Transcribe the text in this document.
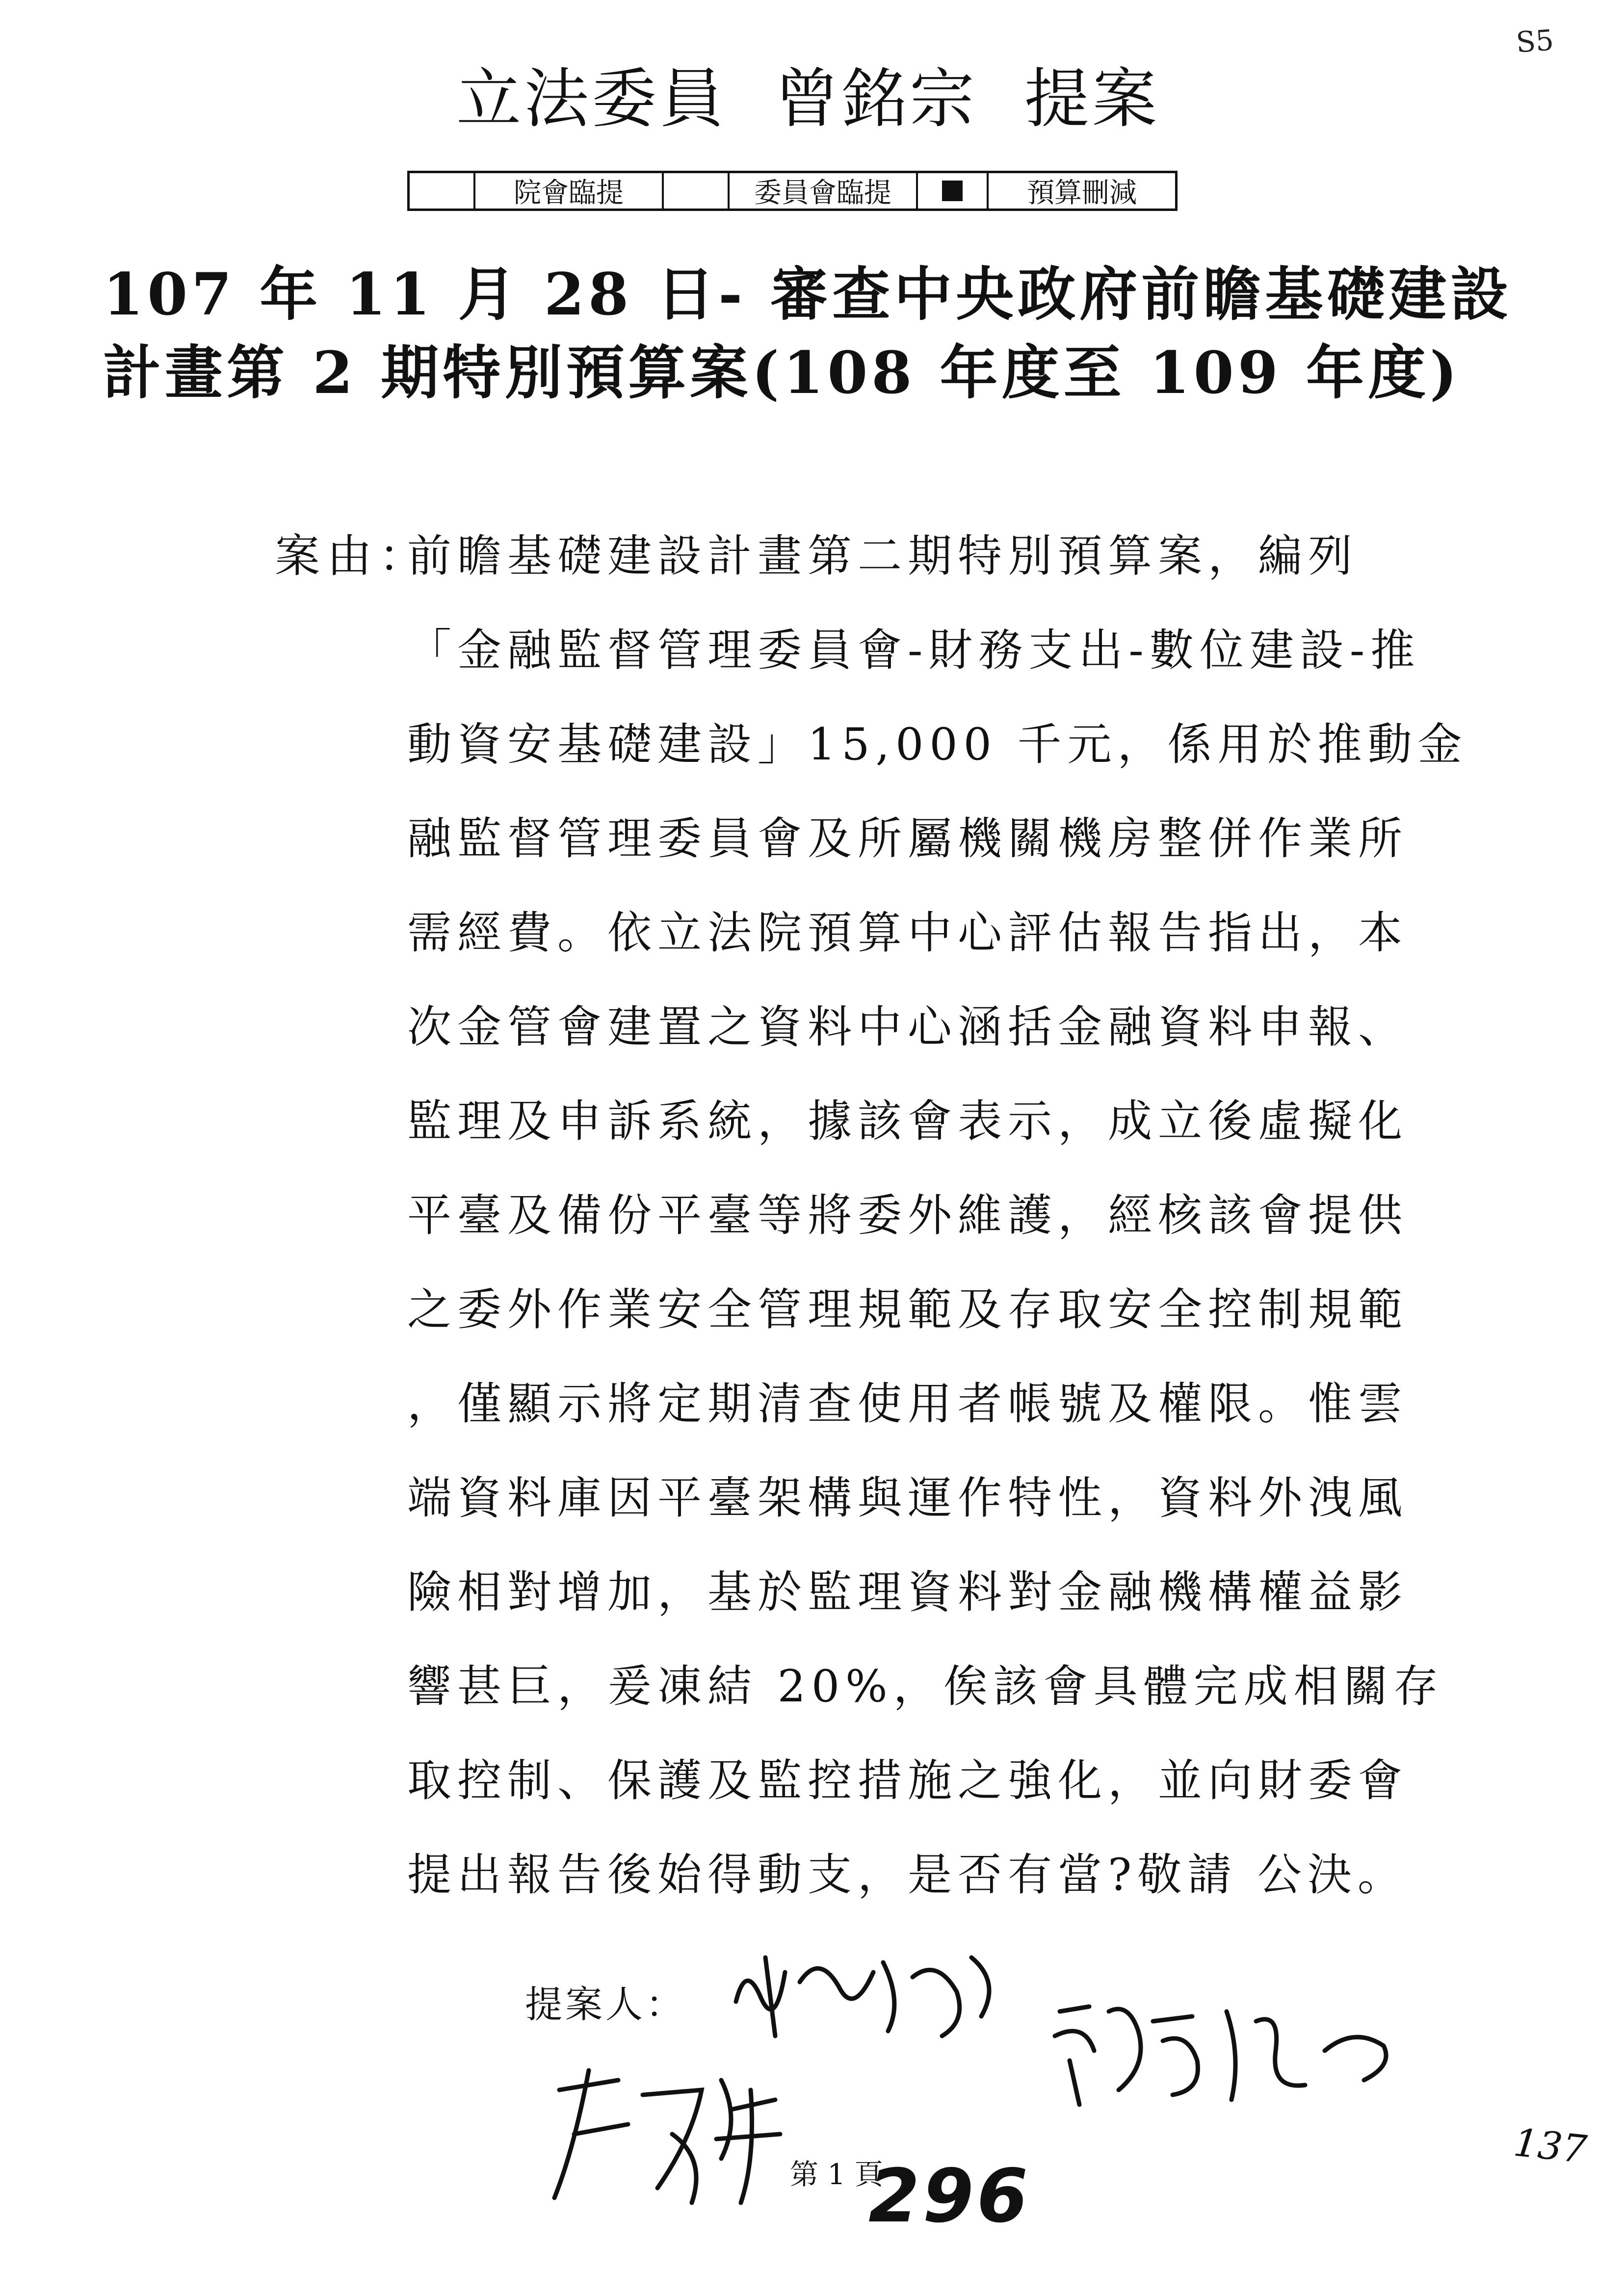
S5
立法委員  曾銘宗  提案
院會臨提	委員會臨提	預算刪減
107 年 11 月 28 日- 審查中央政府前瞻基礎建設
計畫第 2 期特別預算案(108 年度至 109 年度)
案由：
前瞻基礎建設計畫第二期特別預算案，編列
「金融監督管理委員會-財務支出-數位建設-推
動資安基礎建設」15,000 千元，係用於推動金
融監督管理委員會及所屬機關機房整併作業所
需經費。依立法院預算中心評估報告指出，本
次金管會建置之資料中心涵括金融資料申報、
監理及申訴系統，據該會表示，成立後虛擬化
平臺及備份平臺等將委外維護，經核該會提供
之委外作業安全管理規範及存取安全控制規範
，僅顯示將定期清查使用者帳號及權限。惟雲
端資料庫因平臺架構與運作特性，資料外洩風
險相對增加，基於監理資料對金融機構權益影
響甚巨，爰凍結 20%，俟該會具體完成相關存
取控制、保護及監控措施之強化，並向財委會
提出報告後始得動支，是否有當?敬請 公決。
提案人：
第 1 頁
296
137
